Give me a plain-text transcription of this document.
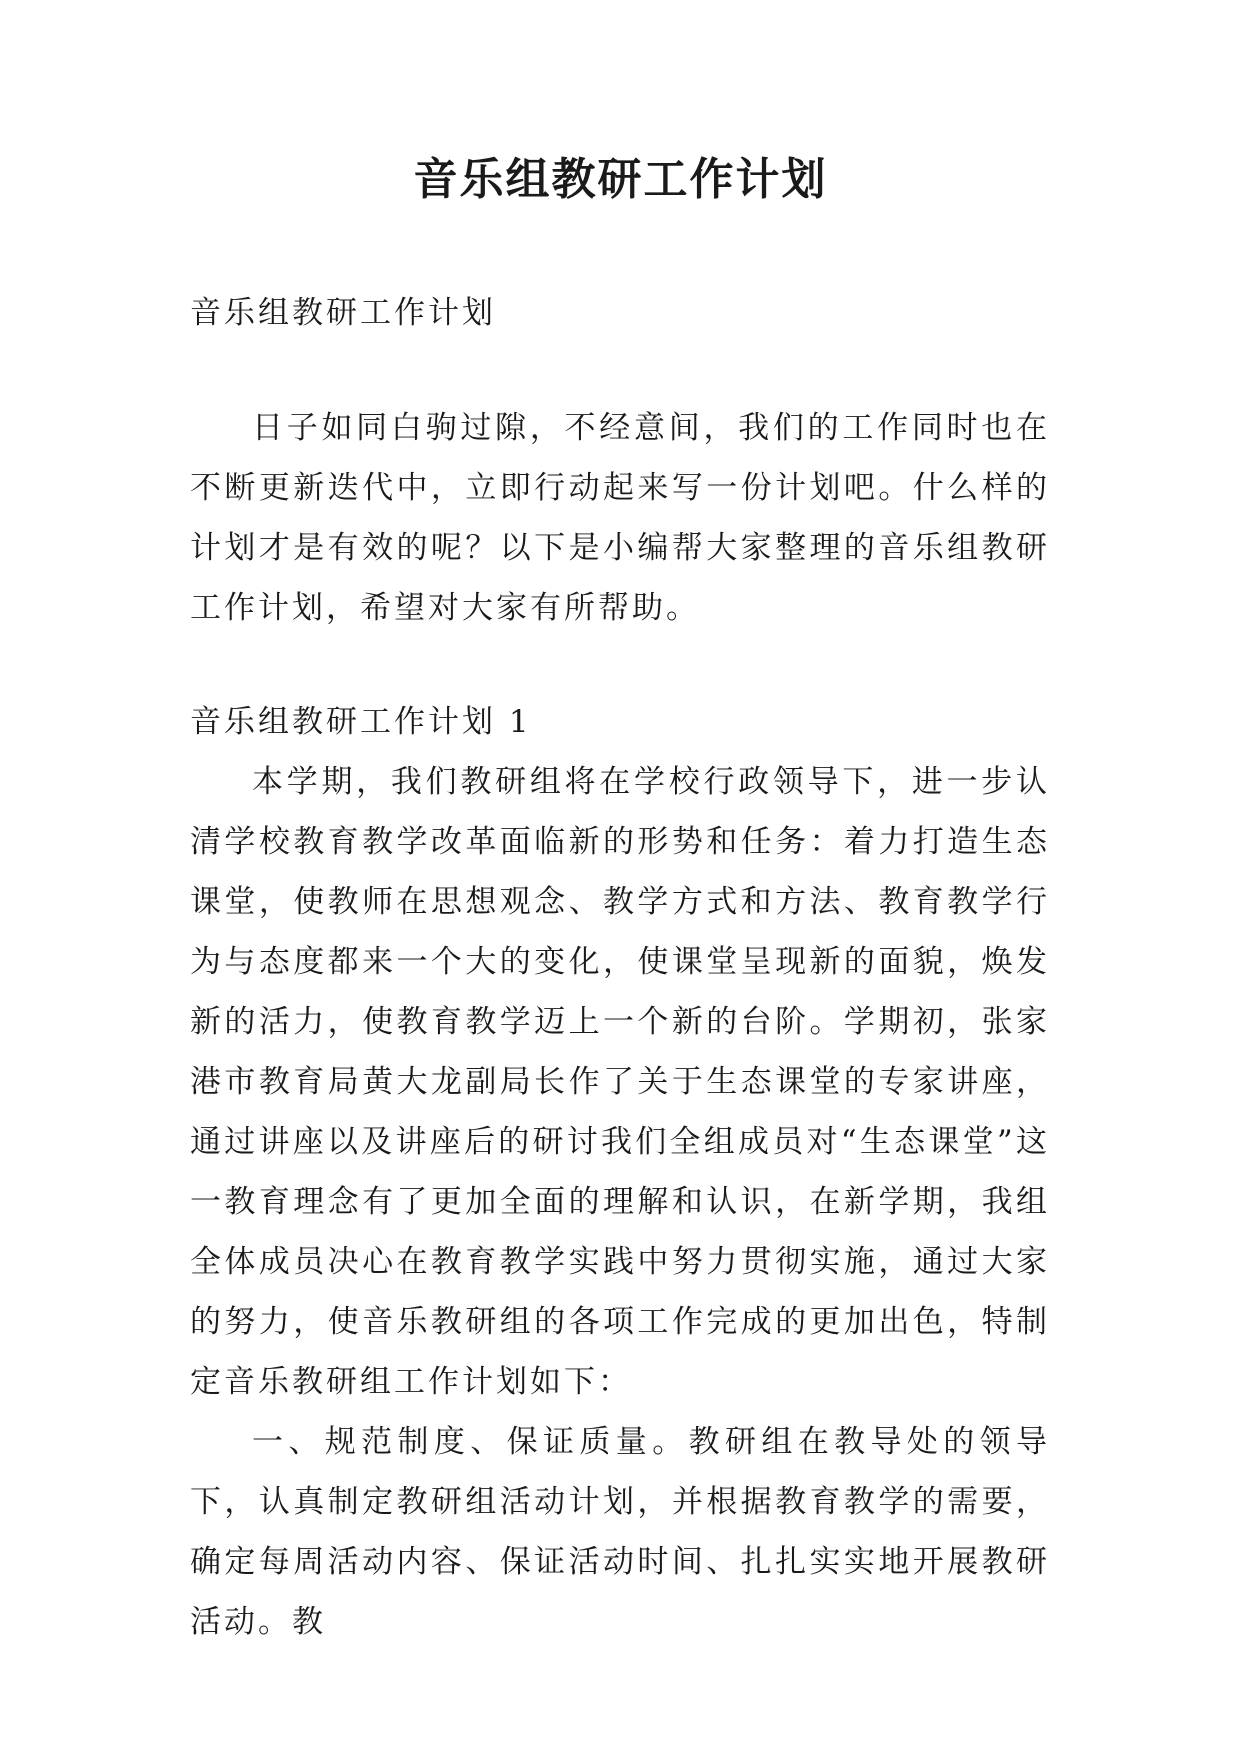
音乐组教研工作计划
音乐组教研工作计划

日子如同白驹过隙，不经意间，我们的工作同时也在不断更新迭代中，立即行动起来写一份计划吧。什么样的计划才是有效的呢？以下是小编帮大家整理的音乐组教研工作计划，希望对大家有所帮助。

音乐组教研工作计划 1

本学期，我们教研组将在学校行政领导下，进一步认清学校教育教学改革面临新的形势和任务：着力打造生态课堂，使教师在思想观念、教学方式和方法、教育教学行为与态度都来一个大的变化，使课堂呈现新的面貌，焕发新的活力，使教育教学迈上一个新的台阶。学期初，张家港市教育局黄大龙副局长作了关于生态课堂的专家讲座，通过讲座以及讲座后的研讨我们全组成员对“生态课堂”这一教育理念有了更加全面的理解和认识，在新学期，我组全体成员决心在教育教学实践中努力贯彻实施，通过大家的努力，使音乐教研组的各项工作完成的更加出色，特制定音乐教研组工作计划如下：

一、规范制度、保证质量。教研组在教导处的领导下，认真制定教研组活动计划，并根据教育教学的需要，确定每周活动内容、保证活动时间、扎扎实实地开展教研活动。教
